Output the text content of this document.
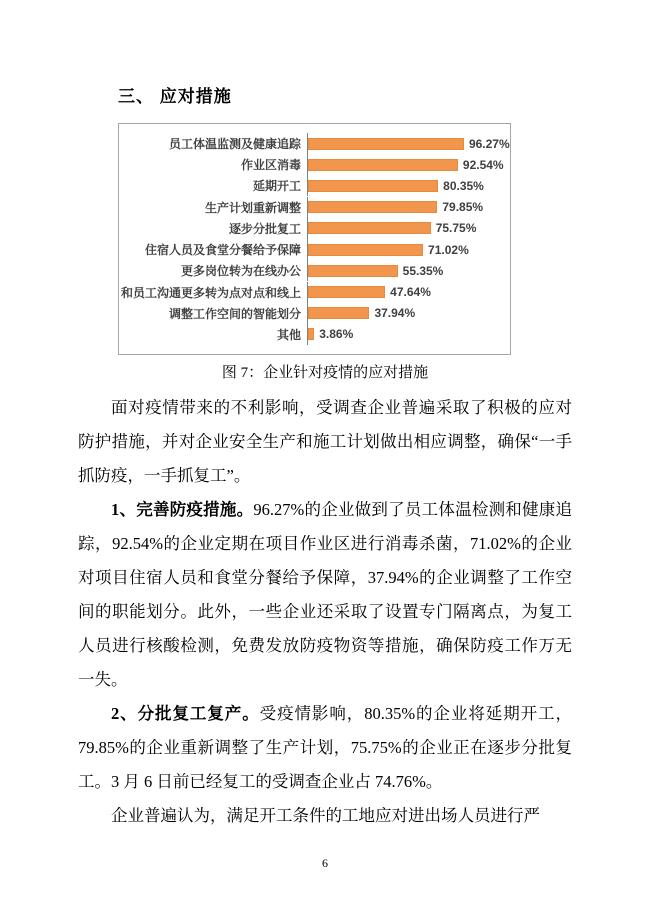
三、 应对措施
员工体温监测及健康追踪	96.27%
作业区消毒	92.54%
延期开工	80.35%
生产计划重新调整	79.85%
逐步分批复工	75.75%
住宿人员及食堂分餐给予保障	71.02%
更多岗位转为在线办公	55.35%
和员工沟通更多转为点对点和线上	47.64%
调整工作空间的智能划分	37.94%
其他	3.86%
图 7：企业针对疫情的应对措施

面对疫情带来的不利影响，受调查企业普遍采取了积极的应对防护措施，并对企业安全生产和施工计划做出相应调整，确保“一手抓防疫，一手抓复工”。

1、完善防疫措施。96.27%的企业做到了员工体温检测和健康追踪，92.54%的企业定期在项目作业区进行消毒杀菌，71.02%的企业对项目住宿人员和食堂分餐给予保障，37.94%的企业调整了工作空间的职能划分。此外，一些企业还采取了设置专门隔离点，为复工人员进行核酸检测，免费发放防疫物资等措施，确保防疫工作万无一失。

2、分批复工复产。受疫情影响，80.35%的企业将延期开工，79.85%的企业重新调整了生产计划，75.75%的企业正在逐步分批复工。3 月 6 日前已经复工的受调查企业占 74.76%。

企业普遍认为，满足开工条件的工地应对进出场人员进行严

6
